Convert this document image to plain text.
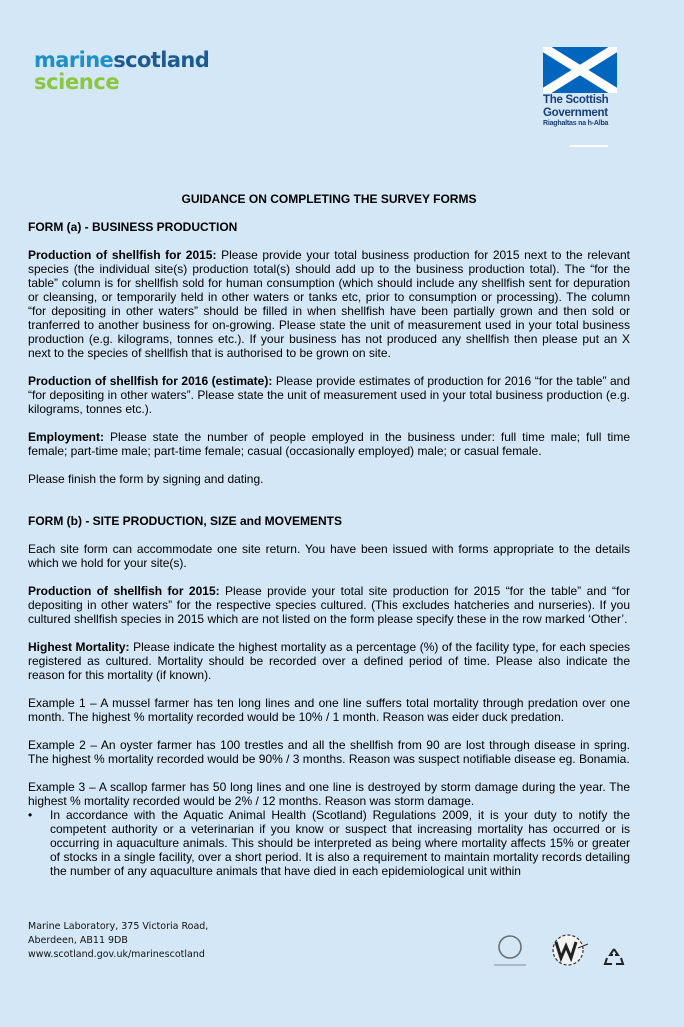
marinescotland
science
The Scottish
Government
Riaghaltas na h-Alba

GUIDANCE ON COMPLETING THE SURVEY FORMS

FORM (a) - BUSINESS PRODUCTION

Production of shellfish for 2015: Please provide your total business production for 2015 next to the relevant species (the individual site(s) production total(s) should add up to the business production total). The “for the table” column is for shellfish sold for human consumption (which should include any shellfish sent for depuration or cleansing, or temporarily held in other waters or tanks etc, prior to consumption or processing). The column “for depositing in other waters” should be filled in when shellfish have been partially grown and then sold or tranferred to another business for on-growing. Please state the unit of measurement used in your total business production (e.g. kilograms, tonnes etc.). If your business has not produced any shellfish then please put an X next to the species of shellfish that is authorised to be grown on site.

Production of shellfish for 2016 (estimate): Please provide estimates of production for 2016 “for the table” and “for depositing in other waters”. Please state the unit of measurement used in your total business production (e.g. kilograms, tonnes etc.).

Employment: Please state the number of people employed in the business under: full time male; full time female; part-time male; part-time female; casual (occasionally employed) male; or casual female.

Please finish the form by signing and dating.

FORM (b) - SITE PRODUCTION, SIZE and MOVEMENTS

Each site form can accommodate one site return. You have been issued with forms appropriate to the details which we hold for your site(s).

Production of shellfish for 2015: Please provide your total site production for 2015 “for the table” and “for depositing in other waters” for the respective species cultured. (This excludes hatcheries and nurseries). If you cultured shellfish species in 2015 which are not listed on the form please specify these in the row marked ‘Other’.

Highest Mortality: Please indicate the highest mortality as a percentage (%) of the facility type, for each species registered as cultured. Mortality should be recorded over a defined period of time. Please also indicate the reason for this mortality (if known).

Example 1 – A mussel farmer has ten long lines and one line suffers total mortality through predation over one month. The highest % mortality recorded would be 10% / 1 month. Reason was eider duck predation.

Example 2 – An oyster farmer has 100 trestles and all the shellfish from 90 are lost through disease in spring. The highest % mortality recorded would be 90% / 3 months. Reason was suspect notifiable disease eg. Bonamia.

Example 3 – A scallop farmer has 50 long lines and one line is destroyed by storm damage during the year. The highest % mortality recorded would be 2% / 12 months. Reason was storm damage.

• In accordance with the Aquatic Animal Health (Scotland) Regulations 2009, it is your duty to notify the competent authority or a veterinarian if you know or suspect that increasing mortality has occurred or is occurring in aquaculture animals. This should be interpreted as being where mortality affects 15% or greater of stocks in a single facility, over a short period. It is also a requirement to maintain mortality records detailing the number of any aquaculture animals that have died in each epidemiological unit within

Marine Laboratory, 375 Victoria Road,
Aberdeen, AB11 9DB
www.scotland.gov.uk/marinescotland
